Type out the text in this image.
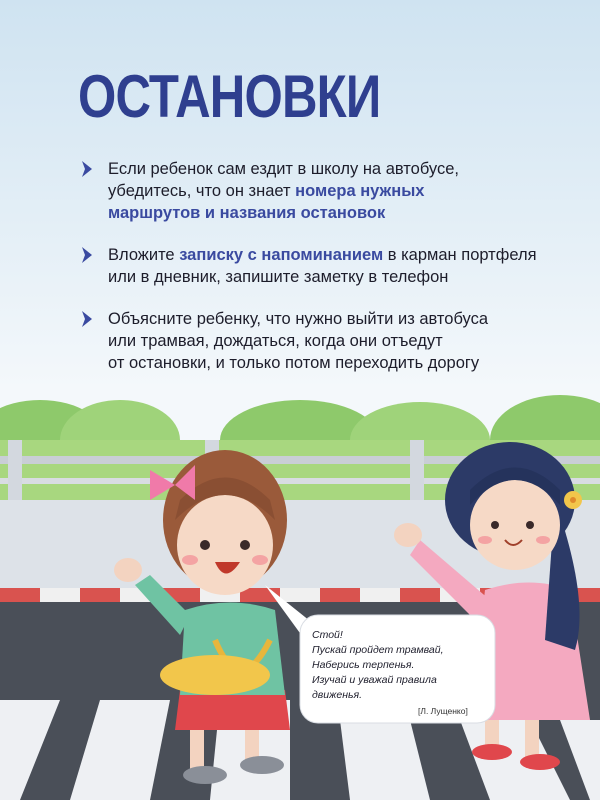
ОСТАНОВКИ
Если ребенок сам ездит в школу на автобусе,
убедитесь, что он знает номера нужных
маршрутов и названия остановок
Вложите записку с напоминанием в карман портфеля
или в дневник, запишите заметку в телефон
Объясните ребенку, что нужно выйти из автобуса
или трамвая, дождаться, когда они отъедут
от остановки, и только потом переходить дорогу
Стой!
Пускай пройдет трамвай,
Наберись терпенья.
Изучай и уважай правила движенья.
[Л. Лущенко]
